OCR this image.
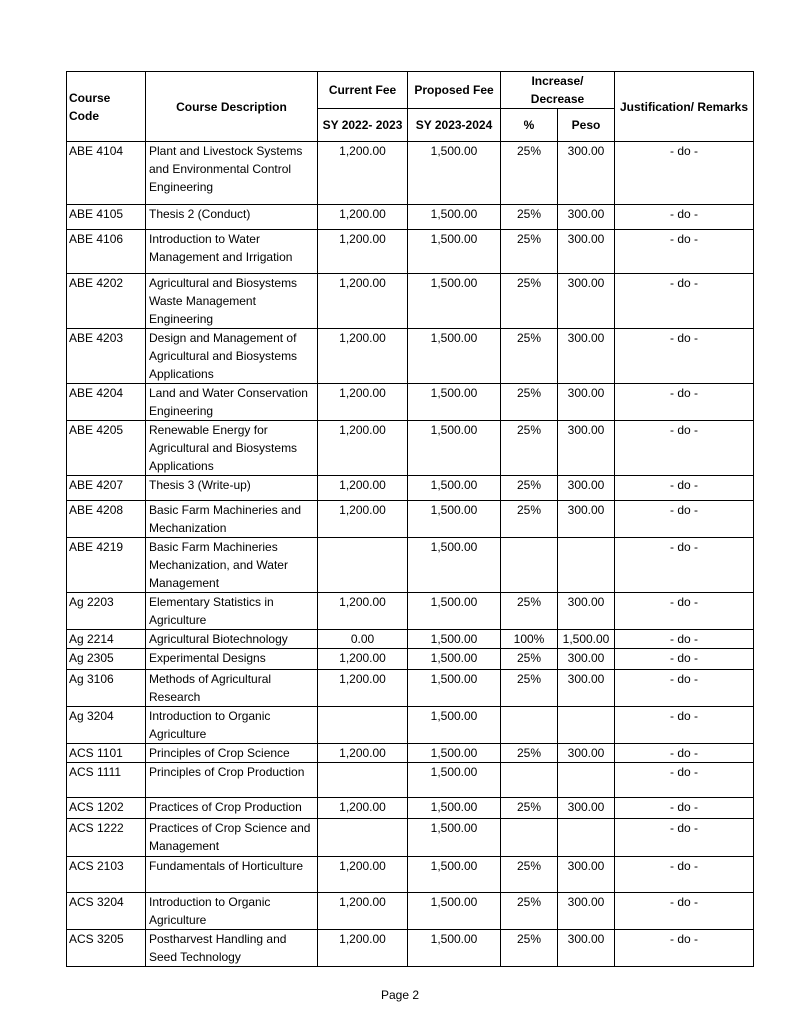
Course Code	Course Description	Current Fee	Proposed Fee	Increase/ Decrease		Justification/ Remarks
		SY 2022- 2023	SY 2023-2024	%	Peso	
ABE 4104	Plant and Livestock Systems and Environmental Control Engineering	1,200.00	1,500.00	25%	300.00	- do -
ABE 4105	Thesis 2 (Conduct)	1,200.00	1,500.00	25%	300.00	- do -
ABE 4106	Introduction to Water Management and Irrigation	1,200.00	1,500.00	25%	300.00	- do -
ABE 4202	Agricultural and Biosystems Waste Management Engineering	1,200.00	1,500.00	25%	300.00	- do -
ABE 4203	Design and Management of Agricultural and Biosystems Applications	1,200.00	1,500.00	25%	300.00	- do -
ABE 4204	Land and Water Conservation Engineering	1,200.00	1,500.00	25%	300.00	- do -
ABE 4205	Renewable Energy for Agricultural and Biosystems Applications	1,200.00	1,500.00	25%	300.00	- do -
ABE 4207	Thesis 3 (Write-up)	1,200.00	1,500.00	25%	300.00	- do -
ABE 4208	Basic Farm Machineries and Mechanization	1,200.00	1,500.00	25%	300.00	- do -
ABE 4219	Basic Farm Machineries Mechanization, and Water Management		1,500.00			- do -
Ag 2203	Elementary Statistics in Agriculture	1,200.00	1,500.00	25%	300.00	- do -
Ag 2214	Agricultural Biotechnology	0.00	1,500.00	100%	1,500.00	- do -
Ag 2305	Experimental Designs	1,200.00	1,500.00	25%	300.00	- do -
Ag 3106	Methods of Agricultural Research	1,200.00	1,500.00	25%	300.00	- do -
Ag 3204	Introduction to Organic Agriculture		1,500.00			- do -
ACS 1101	Principles of Crop Science	1,200.00	1,500.00	25%	300.00	- do -
ACS 1111	Principles of Crop Production		1,500.00			- do -
ACS 1202	Practices of Crop Production	1,200.00	1,500.00	25%	300.00	- do -
ACS 1222	Practices of Crop Science and Management		1,500.00			- do -
ACS 2103	Fundamentals of Horticulture	1,200.00	1,500.00	25%	300.00	- do -
ACS 3204	Introduction to Organic Agriculture	1,200.00	1,500.00	25%	300.00	- do -
ACS 3205	Postharvest Handling and Seed Technology	1,200.00	1,500.00	25%	300.00	- do -
Page 2
